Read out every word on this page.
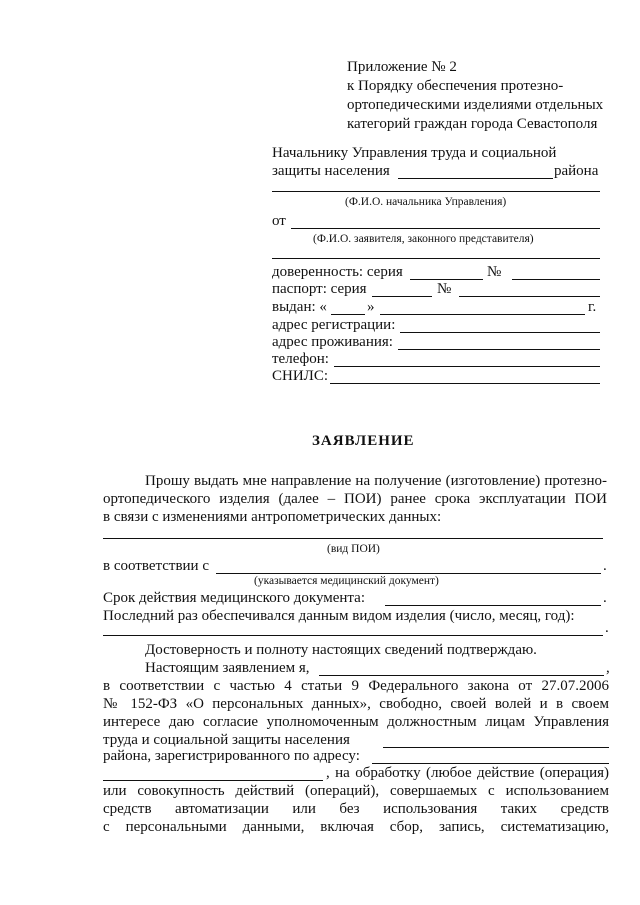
Приложение № 2
к Порядку обеспечения протезно-
ортопедическими изделиями отдельных
категорий граждан города Севастополя
Начальнику Управления труда и социальной
защиты населения	района
(Ф.И.О. начальника Управления)
от
(Ф.И.О. заявителя, законного представителя)
доверенность: серия	№
паспорт: серия	№
выдан: «	»	г.
адрес регистрации:
адрес проживания:
телефон:
СНИЛС:
ЗАЯВЛЕНИЕ
Прошу выдать мне направление на получение (изготовление) протезно-
ортопедического изделия (далее – ПОИ) ранее срока эксплуатации ПОИ
в связи с изменениями антропометрических данных:
(вид ПОИ)
в соответствии с	.
(указывается медицинский документ)
Срок действия медицинского документа:	.
Последний раз обеспечивался данным видом изделия (число, месяц, год):
.
Достоверность и полноту настоящих сведений подтверждаю.
Настоящим заявлением я,	,
в соответствии с частью 4 статьи 9 Федерального закона от 27.07.2006
№ 152-ФЗ «О персональных данных», свободно, своей волей и в своем
интересе даю согласие уполномоченным должностным лицам Управления
труда и социальной защиты населения
района, зарегистрированного по адресу:
, на обработку (любое действие (операция)
или совокупность действий (операций), совершаемых с использованием
средств автоматизации или без использования таких средств
с персональными данными, включая сбор, запись, систематизацию,
